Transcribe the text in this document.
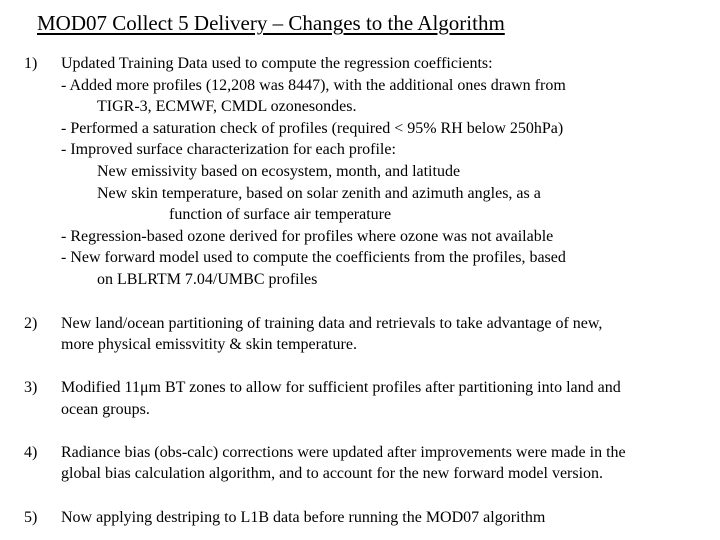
MOD07 Collect 5 Delivery – Changes to the Algorithm
1) Updated Training Data used to compute the regression coefficients:
- Added more profiles (12,208 was 8447), with the additional ones drawn from
TIGR-3, ECMWF, CMDL ozonesondes.
- Performed a saturation check of profiles (required < 95% RH below 250hPa)
- Improved surface characterization for each profile:
New emissivity based on ecosystem, month, and latitude
New skin temperature, based on solar zenith and azimuth angles, as a
function of surface air temperature
- Regression-based ozone derived for profiles where ozone was not available
- New forward model used to compute the coefficients from the profiles, based
on LBLRTM 7.04/UMBC profiles
2) New land/ocean partitioning of training data and retrievals to take advantage of new,
more physical emissvitity & skin temperature.
3) Modified 11μm BT zones to allow for sufficient profiles after partitioning into land and
ocean groups.
4) Radiance bias (obs-calc) corrections were updated after improvements were made in the
global bias calculation algorithm, and to account for the new forward model version.
5) Now applying destriping to L1B data before running the MOD07 algorithm
